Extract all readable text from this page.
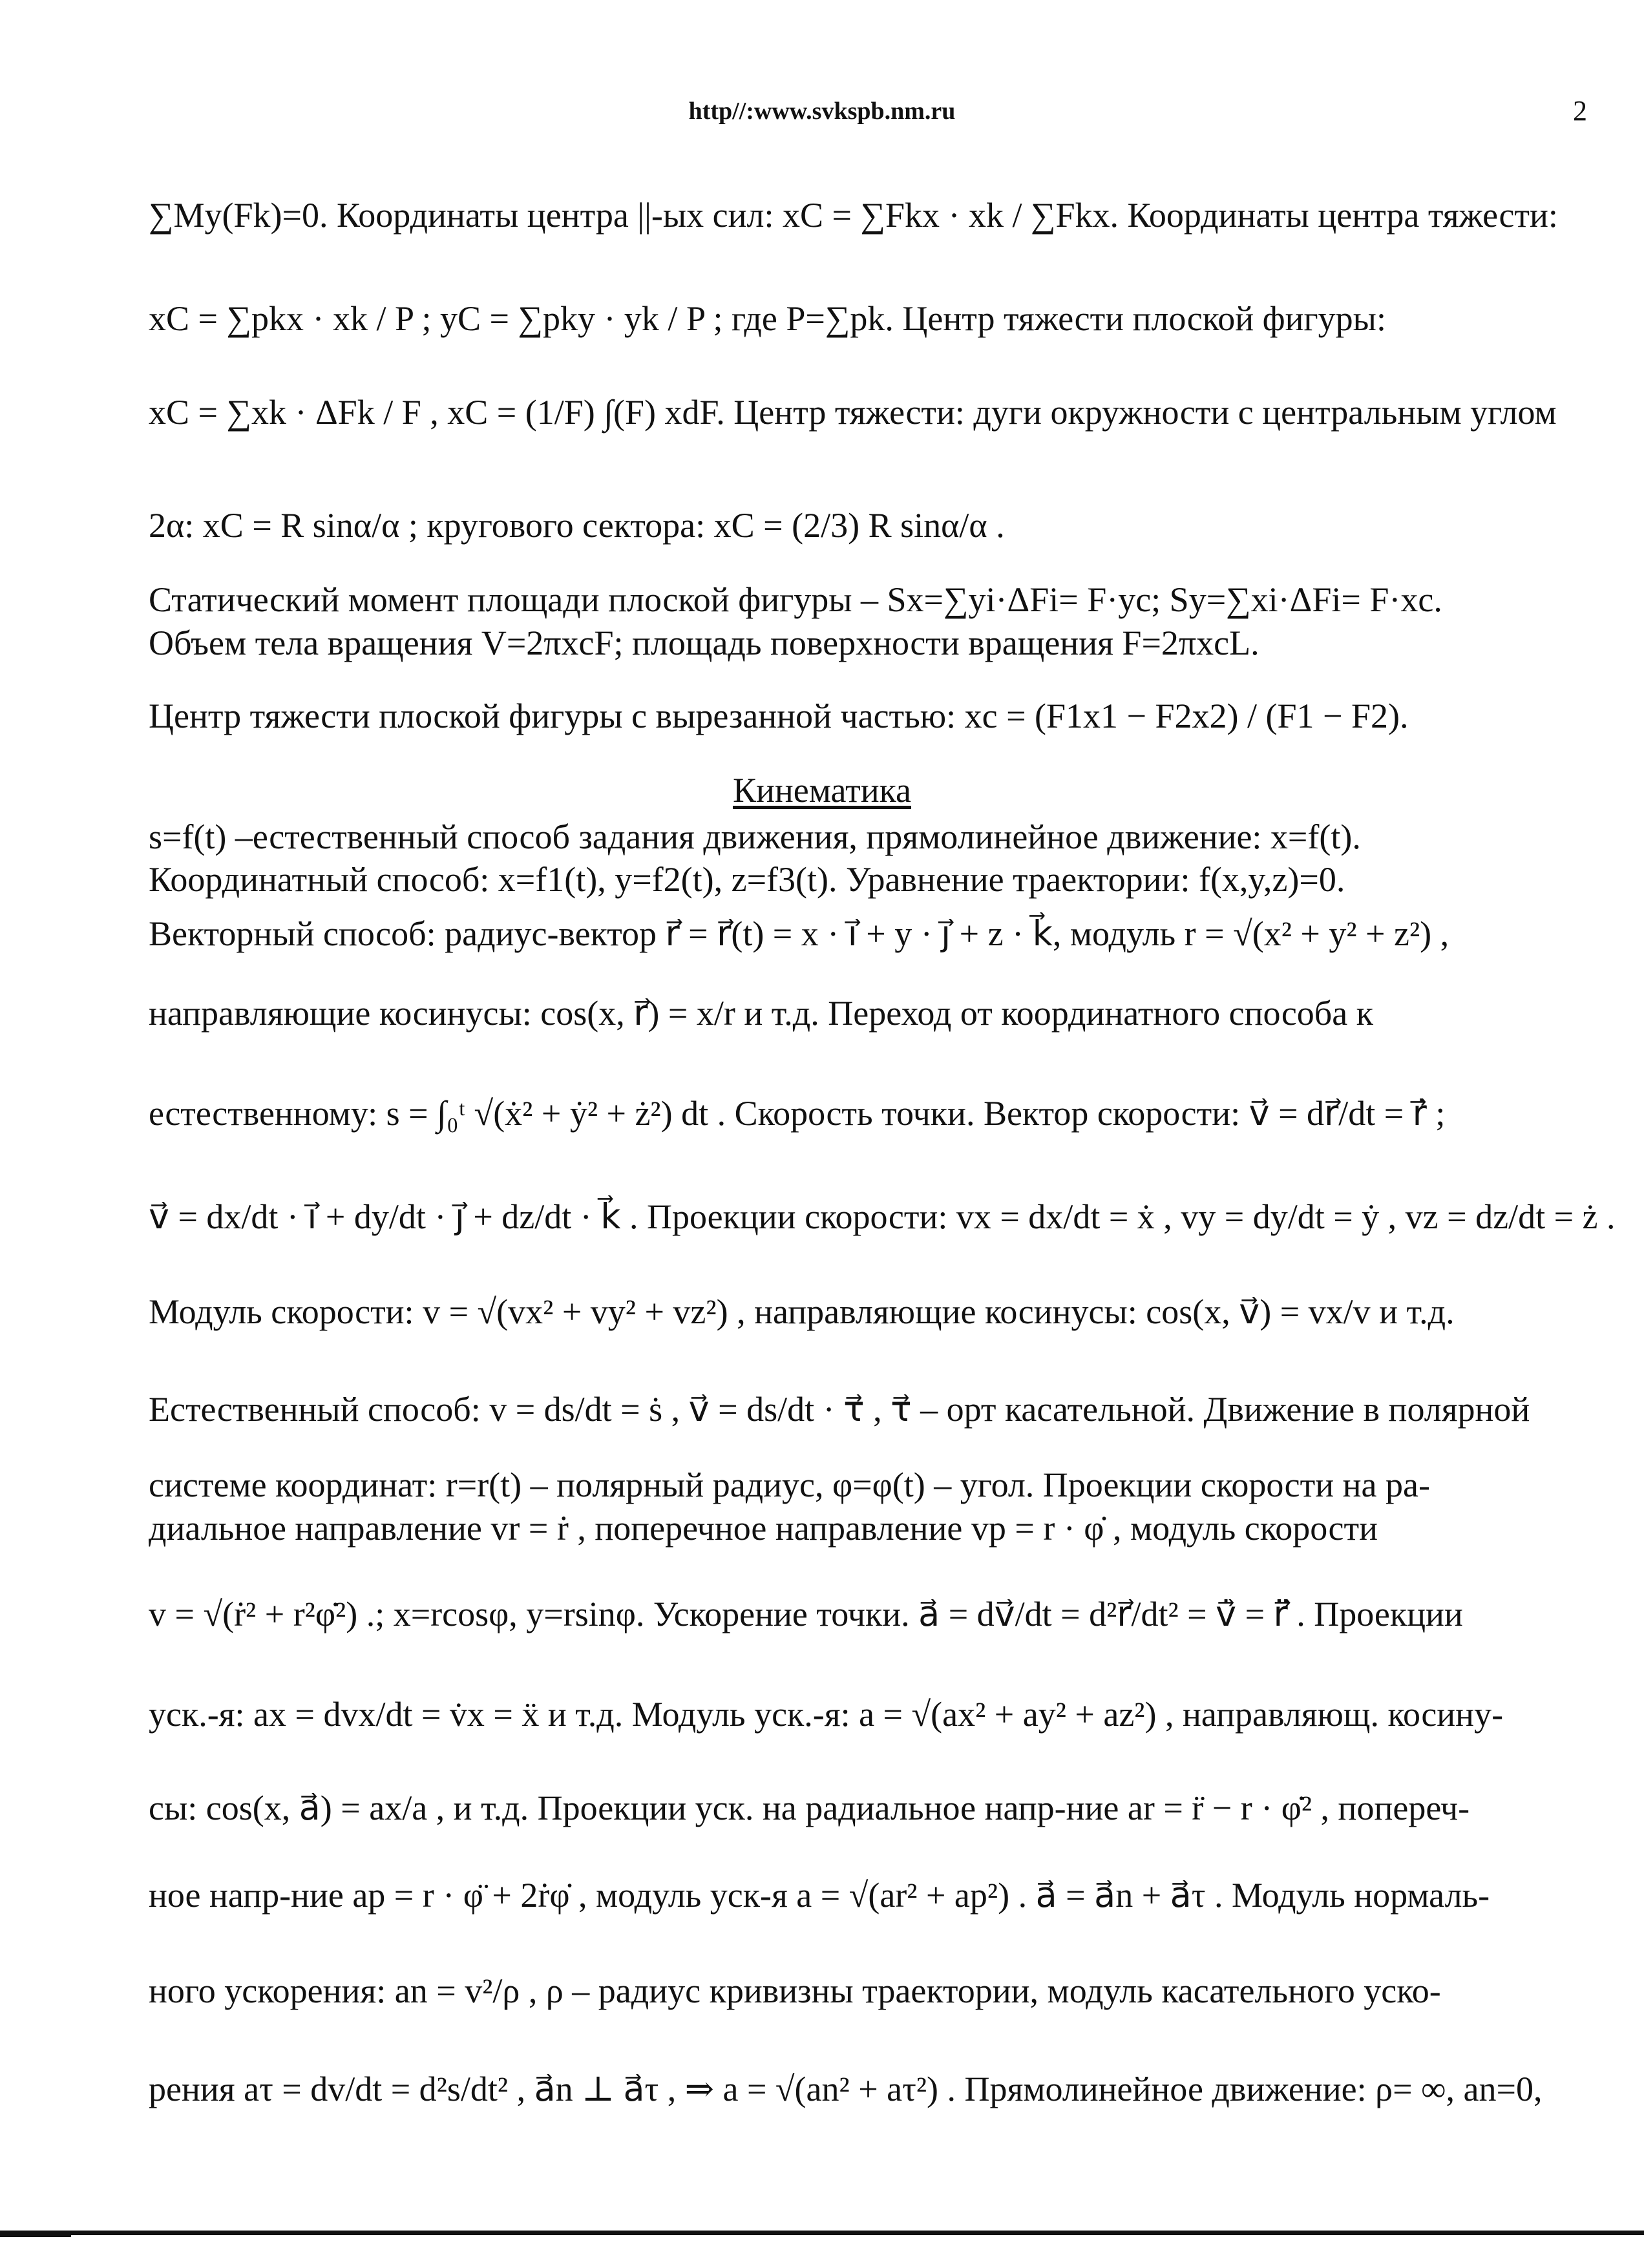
http//:www.svkspb.nm.ru	2
∑My(Fk)=0. Координаты центра ||-ых сил: xC = ∑Fkx · xk / ∑Fkx. Координаты центра тяжести:
xC = ∑pkx · xk / P ; yC = ∑pky · yk / P ; где P=∑pk. Центр тяжести плоской фигуры:
xC = ∑xk · ΔFk / F , xC = (1/F) ∫(F) xdF. Центр тяжести: дуги окружности с центральным углом
2α: xC = R sinα/α ; кругового сектора: xC = (2/3) R sinα/α .
Статический момент площади плоской фигуры – Sx=∑yi·ΔFi= F·yc; Sy=∑xi·ΔFi= F·xc.
Объем тела вращения V=2πxcF; площадь поверхности вращения F=2πxcL.
Центр тяжести плоской фигуры с вырезанной частью: xc = (F1x1 − F2x2) / (F1 − F2).
Кинематика
s=f(t) –естественный способ задания движения, прямолинейное движение: x=f(t).
Координатный способ: x=f1(t), y=f2(t), z=f3(t). Уравнение траектории: f(x,y,z)=0.
Векторный способ: радиус-вектор r⃗ = r⃗(t) = x · i⃗ + y · j⃗ + z · k⃗, модуль r = √(x² + y² + z²) ,
направляющие косинусы: cos(x, r⃗) = x/r и т.д. Переход от координатного способа к
естественному: s = ∫₀ᵗ √(ẋ² + ẏ² + ż²) dt . Скорость точки. Вектор скорости: v⃗ = dr⃗/dt = ṙ⃗ ;
v⃗ = dx/dt · i⃗ + dy/dt · j⃗ + dz/dt · k⃗ . Проекции скорости: vx = dx/dt = ẋ , vy = dy/dt = ẏ , vz = dz/dt = ż .
Модуль скорости: v = √(vx² + vy² + vz²) , направляющие косинусы: cos(x, v⃗) = vx/v и т.д.
Естественный способ: v = ds/dt = ṡ , v⃗ = ds/dt · τ⃗ , τ⃗ – орт касательной. Движение в полярной
системе координат: r=r(t) – полярный радиус, φ=φ(t) – угол. Проекции скорости на ра-
диальное направление vr = ṙ , поперечное направление vp = r · φ̇ , модуль скорости
v = √(ṙ² + r²φ̇²) .; x=rcosφ, y=rsinφ. Ускорение точки. a⃗ = dv⃗/dt = d²r⃗/dt² = v̇⃗ = r̈⃗ . Проекции
уск.-я: ax = dvx/dt = v̇x = ẍ и т.д. Модуль уск.-я: a = √(ax² + ay² + az²) , направляющ. косину-
сы: cos(x, a⃗) = ax/a , и т.д. Проекции уск. на радиальное напр-ние ar = r̈ − r · φ̇² , попереч-
ное напр-ние ap = r · φ̈ + 2ṙφ̇ , модуль уск-я a = √(ar² + ap²) . a⃗ = a⃗n + a⃗τ . Модуль нормаль-
ного ускорения: an = v²/ρ , ρ – радиус кривизны траектории, модуль касательного уско-
рения aτ = dv/dt = d²s/dt² , a⃗n ⊥ a⃗τ , ⇒ a = √(an² + aτ²) . Прямолинейное движение: ρ= ∞, an=0,
